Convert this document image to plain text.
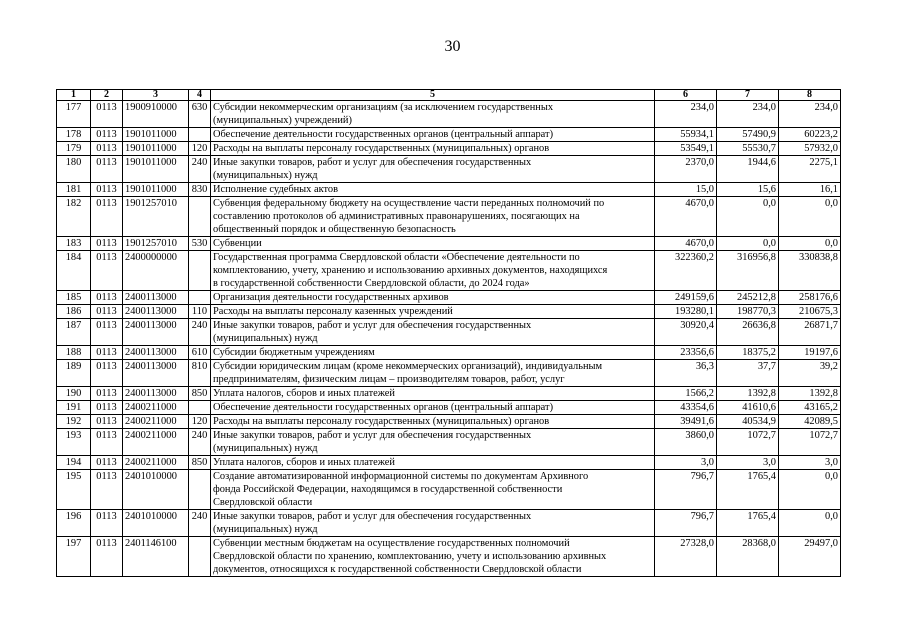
30
1	2	3	4	5	6	7	8
177	0113	1900910000	630	Субсидии некоммерческим организациям (за исключением государственных
(муниципальных) учреждений)	234,0	234,0	234,0
178	0113	1901011000		Обеспечение деятельности государственных органов (центральный аппарат)	55934,1	57490,9	60223,2
179	0113	1901011000	120	Расходы на выплаты персоналу государственных (муниципальных) органов	53549,1	55530,7	57932,0
180	0113	1901011000	240	Иные закупки товаров, работ и услуг для обеспечения государственных
(муниципальных) нужд	2370,0	1944,6	2275,1
181	0113	1901011000	830	Исполнение судебных актов	15,0	15,6	16,1
182	0113	1901257010		Субвенция федеральному бюджету на осуществление части переданных полномочий по
составлению протоколов об административных правонарушениях, посягающих на
общественный порядок и общественную безопасность	4670,0	0,0	0,0
183	0113	1901257010	530	Субвенции	4670,0	0,0	0,0
184	0113	2400000000		Государственная программа Свердловской области «Обеспечение деятельности по
комплектованию, учету, хранению и использованию архивных документов, находящихся
в государственной собственности Свердловской области, до 2024 года»	322360,2	316956,8	330838,8
185	0113	2400113000		Организация деятельности государственных архивов	249159,6	245212,8	258176,6
186	0113	2400113000	110	Расходы на выплаты персоналу казенных учреждений	193280,1	198770,3	210675,3
187	0113	2400113000	240	Иные закупки товаров, работ и услуг для обеспечения государственных
(муниципальных) нужд	30920,4	26636,8	26871,7
188	0113	2400113000	610	Субсидии бюджетным учреждениям	23356,6	18375,2	19197,6
189	0113	2400113000	810	Субсидии юридическим лицам (кроме некоммерческих организаций), индивидуальным
предпринимателям, физическим лицам – производителям товаров, работ, услуг	36,3	37,7	39,2
190	0113	2400113000	850	Уплата налогов, сборов и иных платежей	1566,2	1392,8	1392,8
191	0113	2400211000		Обеспечение деятельности государственных органов (центральный аппарат)	43354,6	41610,6	43165,2
192	0113	2400211000	120	Расходы на выплаты персоналу государственных (муниципальных) органов	39491,6	40534,9	42089,5
193	0113	2400211000	240	Иные закупки товаров, работ и услуг для обеспечения государственных
(муниципальных) нужд	3860,0	1072,7	1072,7
194	0113	2400211000	850	Уплата налогов, сборов и иных платежей	3,0	3,0	3,0
195	0113	2401010000		Создание автоматизированной информационной системы по документам Архивного
фонда Российской Федерации, находящимся в государственной собственности
Свердловской области	796,7	1765,4	0,0
196	0113	2401010000	240	Иные закупки товаров, работ и услуг для обеспечения государственных
(муниципальных) нужд	796,7	1765,4	0,0
197	0113	2401146100		Субвенции местным бюджетам на осуществление государственных полномочий
Свердловской области по хранению, комплектованию, учету и использованию архивных
документов, относящихся к государственной собственности Свердловской области	27328,0	28368,0	29497,0
